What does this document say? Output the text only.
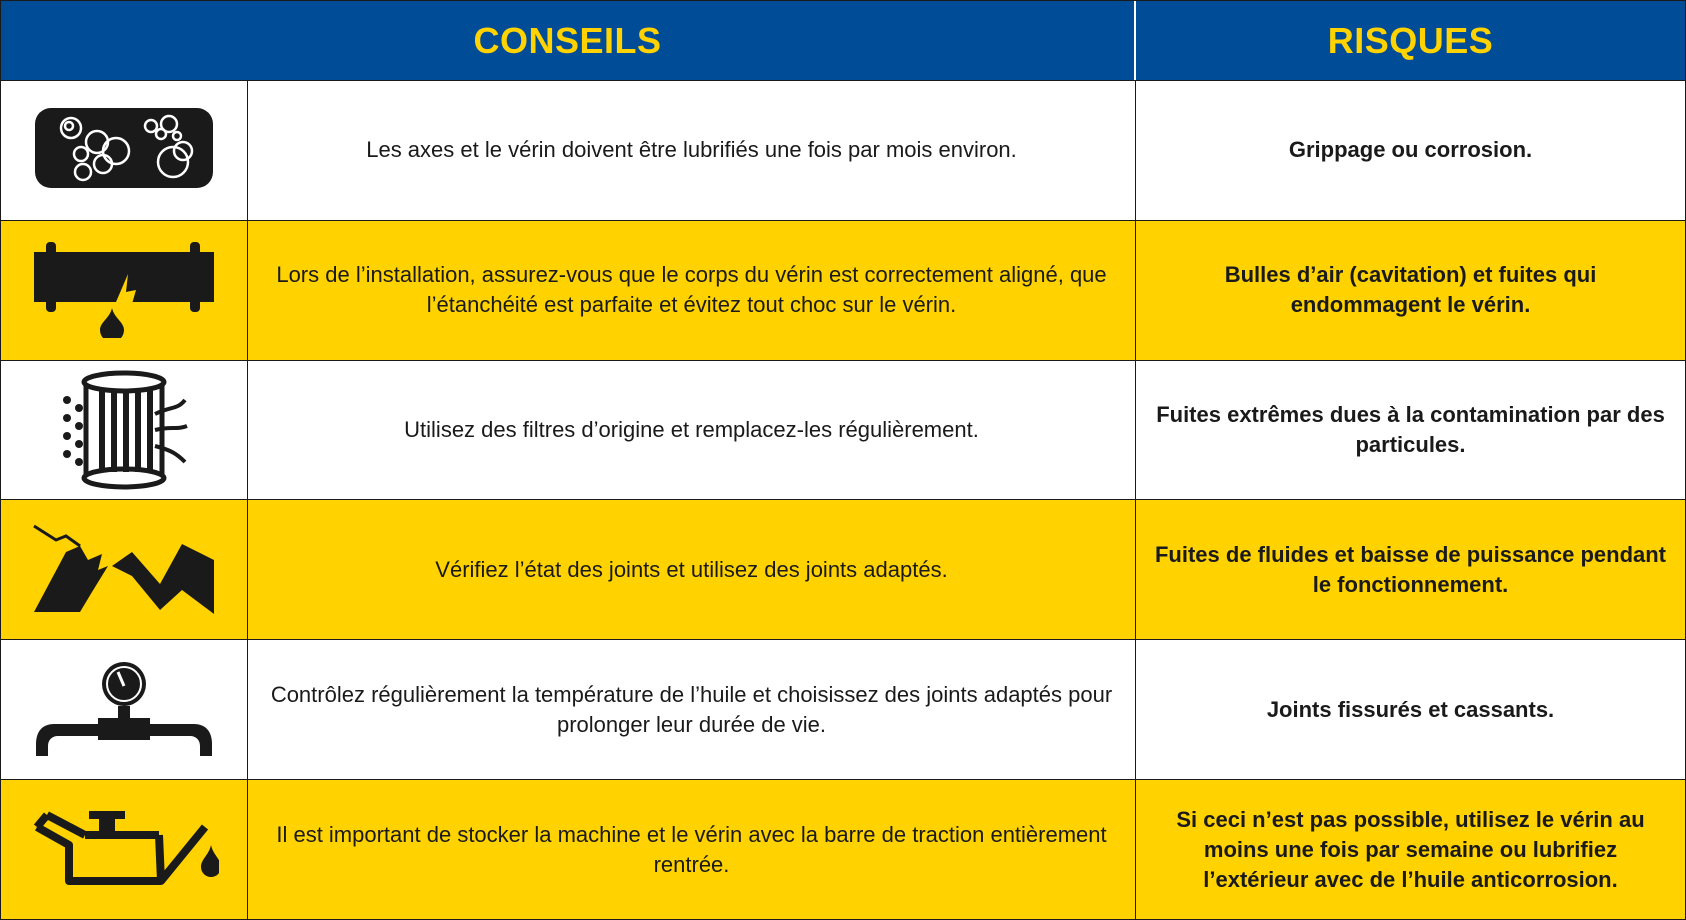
CONSEILS	RISQUES
Les axes et le vérin doivent être lubrifiés une fois par mois environ.	Grippage ou corrosion.
Lors de l’installation, assurez-vous que le corps du vérin est correctement aligné, que l’étanchéité est parfaite et évitez tout choc sur le vérin.
Bulles d’air (cavitation) et fuites qui endommagent le vérin.
Utilisez des filtres d’origine et remplacez-les régulièrement.
Fuites extrêmes dues à la contamination par des particules.
Vérifiez l’état des joints et utilisez des joints adaptés.
Fuites de fluides et baisse de puissance pendant le fonctionnement.
Contrôlez régulièrement la température de l’huile et choisissez des joints adaptés pour prolonger leur durée de vie.
Joints fissurés et cassants.
Il est important de stocker la machine et le vérin avec la barre de traction entièrement rentrée.
Si ceci n’est pas possible, utilisez le vérin au moins une fois par semaine ou lubrifiez l’extérieur avec de l’huile anticorrosion.
